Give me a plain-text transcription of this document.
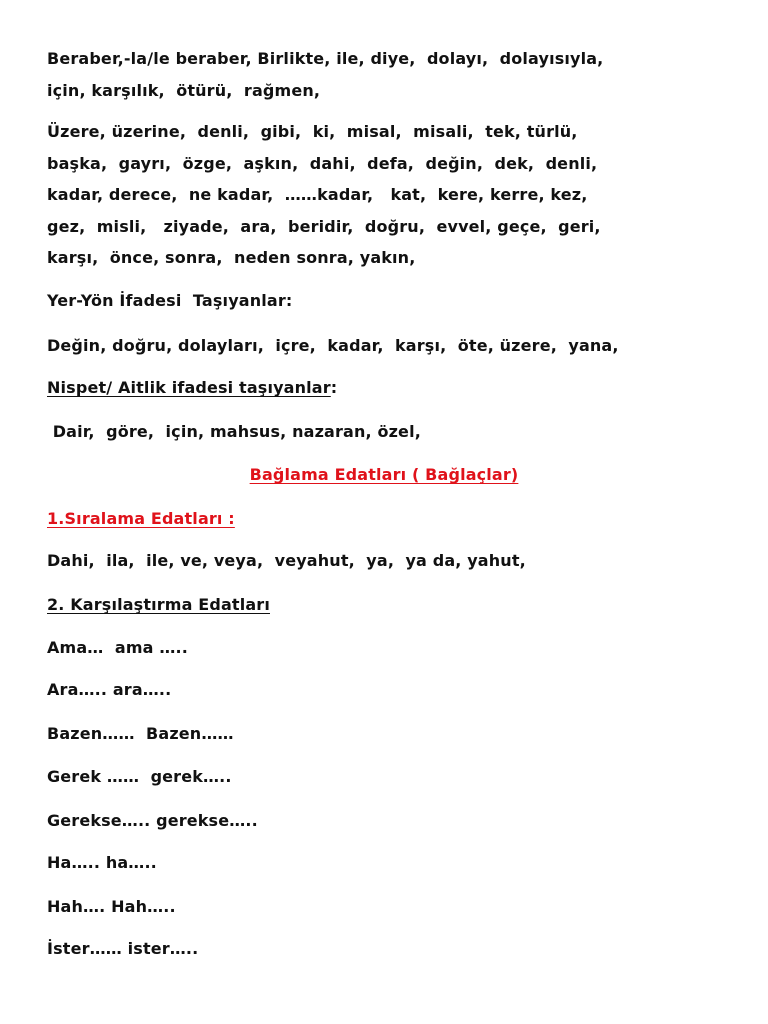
Beraber,-la/le beraber, Birlikte, ile, diye,  dolayı,  dolayısıyla,
için, karşılık,  ötürü,  rağmen,
Üzere, üzerine,  denli,  gibi,  ki,  misal,  misali,  tek, türlü,
başka,  gayrı,  özge,  aşkın,  dahi,  defa,  değin,  dek,  denli,
kadar, derece,  ne kadar,  ……kadar,   kat,  kere, kerre, kez,
gez,  misli,   ziyade,  ara,  beridir,  doğru,  evvel, geçe,  geri,
karşı,  önce, sonra,  neden sonra, yakın,
Yer-Yön İfadesi  Taşıyanlar:
Değin, doğru, dolayları,  içre,  kadar,  karşı,  öte, üzere,  yana,
Nispet/ Aitlik ifadesi taşıyanlar:
Dair,  göre,  için, mahsus, nazaran, özel,
Bağlama Edatları ( Bağlaçlar)
1.Sıralama Edatları :
Dahi,  ila,  ile, ve, veya,  veyahut,  ya,  ya da, yahut,
2. Karşılaştırma Edatları
Ama…  ama …..
Ara….. ara…..
Bazen……  Bazen……
Gerek ……  gerek…..
Gerekse….. gerekse…..
Ha….. ha…..
Hah…. Hah…..
İster…… ister…..
